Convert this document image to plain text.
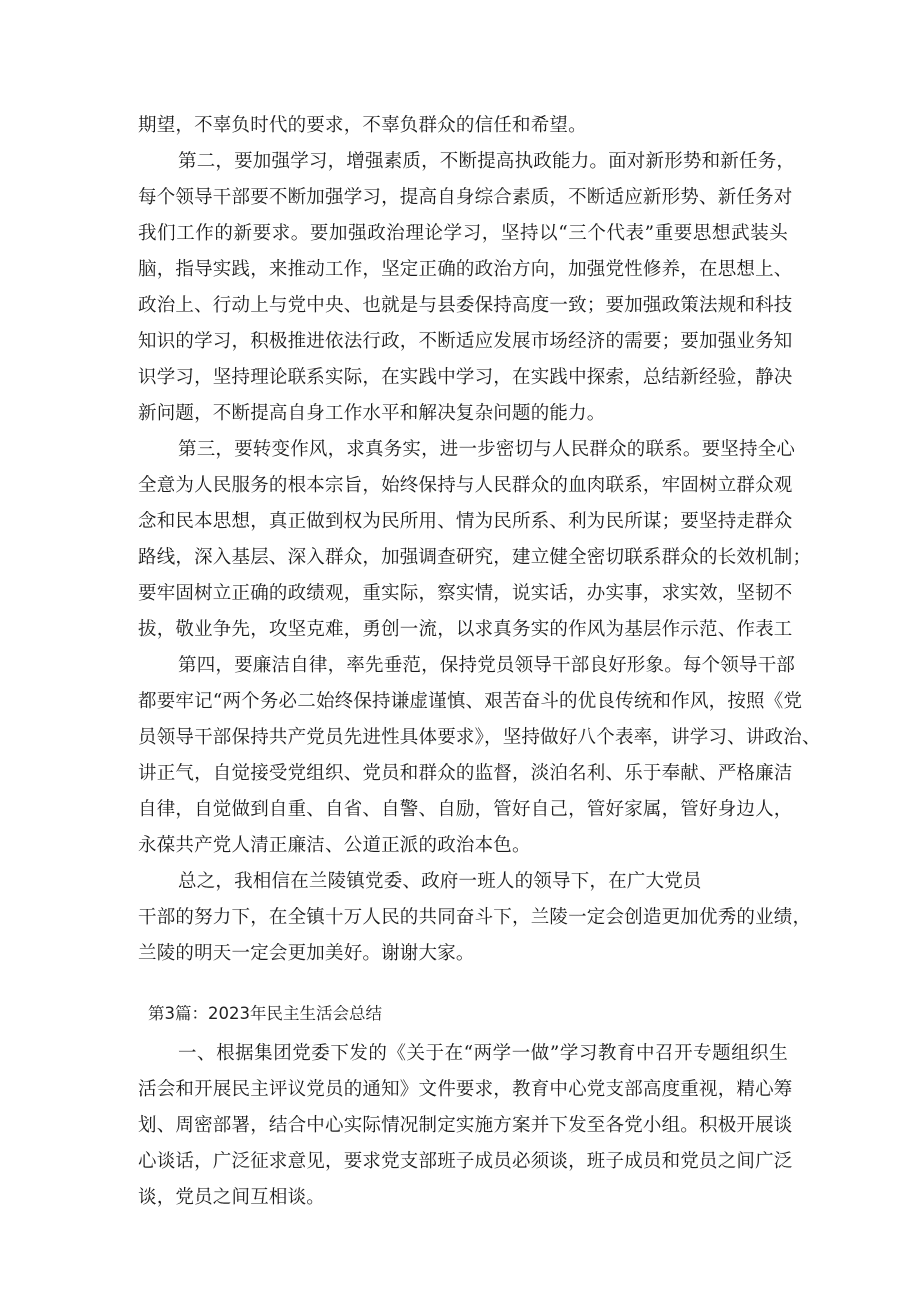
期望，不辜负时代的要求，不辜负群众的信任和希望。
第二，要加强学习，增强素质，不断提高执政能力。面对新形势和新任务，
每个领导干部要不断加强学习，提高自身综合素质，不断适应新形势、新任务对
我们工作的新要求。要加强政治理论学习，坚持以“三个代表”重要思想武装头
脑，指导实践，来推动工作，坚定正确的政治方向，加强党性修养，在思想上、
政治上、行动上与党中央、也就是与县委保持高度一致；要加强政策法规和科技
知识的学习，积极推进依法行政，不断适应发展市场经济的需要；要加强业务知
识学习，坚持理论联系实际，在实践中学习，在实践中探索，总结新经验，静决
新问题，不断提高自身工作水平和解决复杂问题的能力。
第三，要转变作风，求真务实，进一步密切与人民群众的联系。要坚持全心
全意为人民服务的根本宗旨，始终保持与人民群众的血肉联系，牢固树立群众观
念和民本思想，真正做到权为民所用、情为民所系、利为民所谋；要坚持走群众
路线，深入基层、深入群众，加强调查研究，建立健全密切联系群众的长效机制；
要牢固树立正确的政绩观，重实际，察实情，说实话，办实事，求实效，坚韧不
拔，敬业争先，攻坚克难，勇创一流，以求真务实的作风为基层作示范、作表工
第四，要廉洁自律，率先垂范，保持党员领导干部良好形象。每个领导干部
都要牢记“两个务必二始终保持谦虚谨慎、艰苦奋斗的优良传统和作风，按照《党
员领导干部保持共产党员先进性具体要求》，坚持做好八个表率，讲学习、讲政治、
讲正气，自觉接受党组织、党员和群众的监督，淡泊名利、乐于奉献、严格廉洁
自律，自觉做到自重、自省、自警、自励，管好自己，管好家属，管好身边人，
永葆共产党人清正廉洁、公道正派的政治本色。
总之，我相信在兰陵镇党委、政府一班人的领导下，在广大党员
干部的努力下，在全镇十万人民的共同奋斗下，兰陵一定会创造更加优秀的业绩，
兰陵的明天一定会更加美好。谢谢大家。
第3篇：2023年民主生活会总结
一、根据集团党委下发的《关于在“两学一做”学习教育中召开专题组织生
活会和开展民主评议党员的通知》文件要求，教育中心党支部高度重视，精心筹
划、周密部署，结合中心实际情况制定实施方案并下发至各党小组。积极开展谈
心谈话，广泛征求意见，要求党支部班子成员必须谈，班子成员和党员之间广泛
谈，党员之间互相谈。
